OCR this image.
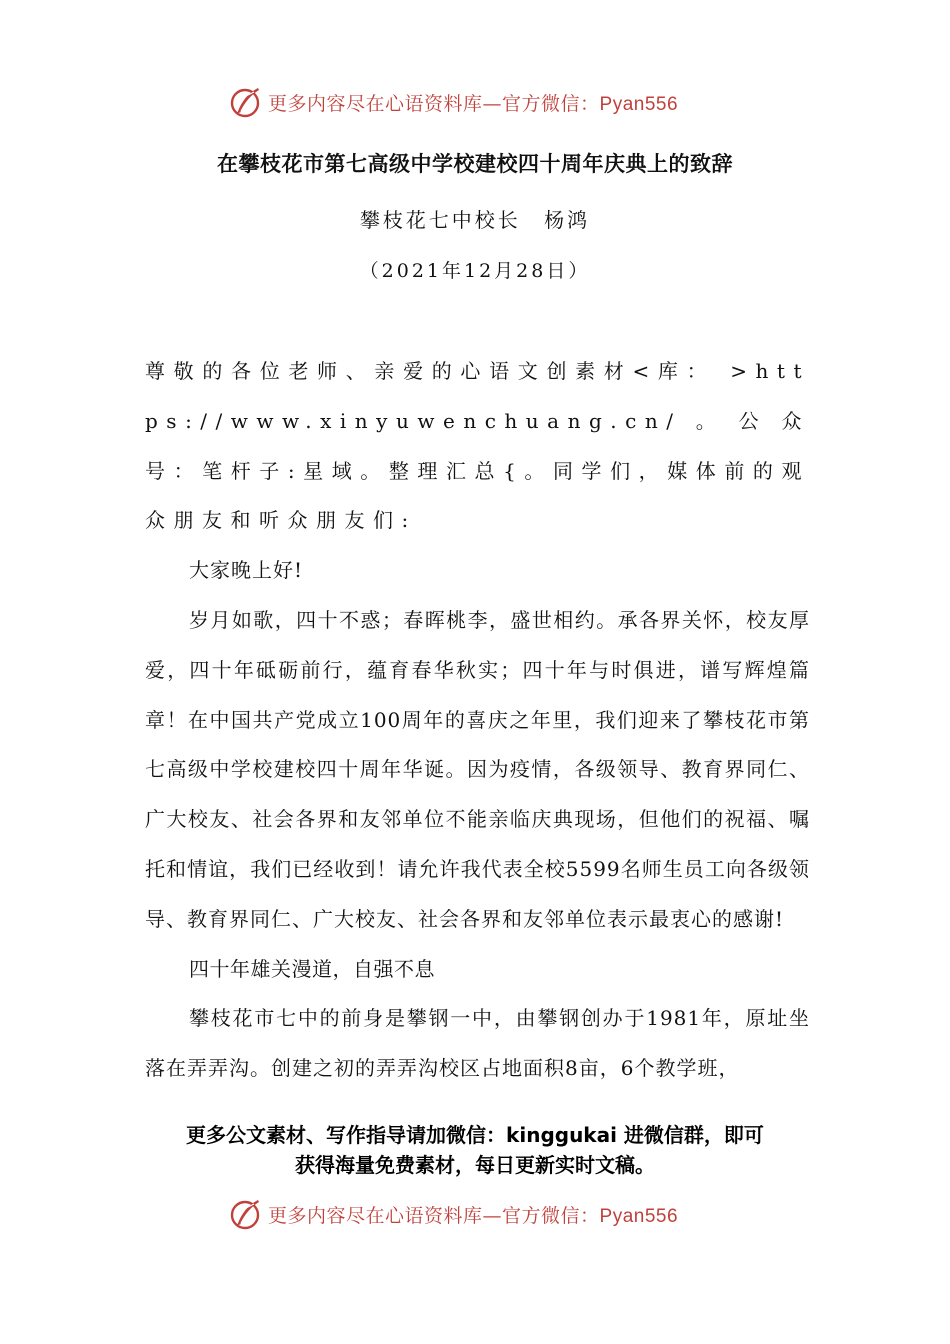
更多内容尽在心语资料库—官方微信：Pyan556
在攀枝花市第七高级中学校建校四十周年庆典上的致辞
攀枝花七中校长 杨鸿
（2021年12月28日）

尊敬的各位老师、亲爱的心语文创素材<库： >https://www.xinyuwenchuang.cn/。公众号：笔杆子:星域。整理汇总{。同学们，媒体前的观众朋友和听众朋友们:

大家晚上好!

岁月如歌，四十不惑；春晖桃李，盛世相约。承各界关怀，校友厚爱，四十年砥砺前行，蕴育春华秋实；四十年与时俱进，谱写辉煌篇章！在中国共产党成立100周年的喜庆之年里，我们迎来了攀枝花市第七高级中学校建校四十周年华诞。因为疫情，各级领导、教育界同仁、广大校友、社会各界和友邻单位不能亲临庆典现场，但他们的祝福、嘱托和情谊，我们已经收到！请允许我代表全校5599名师生员工向各级领导、教育界同仁、广大校友、社会各界和友邻单位表示最衷心的感谢!

四十年雄关漫道，自强不息

攀枝花市七中的前身是攀钢一中，由攀钢创办于1981年，原址坐落在弄弄沟。创建之初的弄弄沟校区占地面积8亩，6个教学班，

更多公文素材、写作指导请加微信：kinggukai 进微信群，即可
获得海量免费素材，每日更新实时文稿。
更多内容尽在心语资料库—官方微信：Pyan556
